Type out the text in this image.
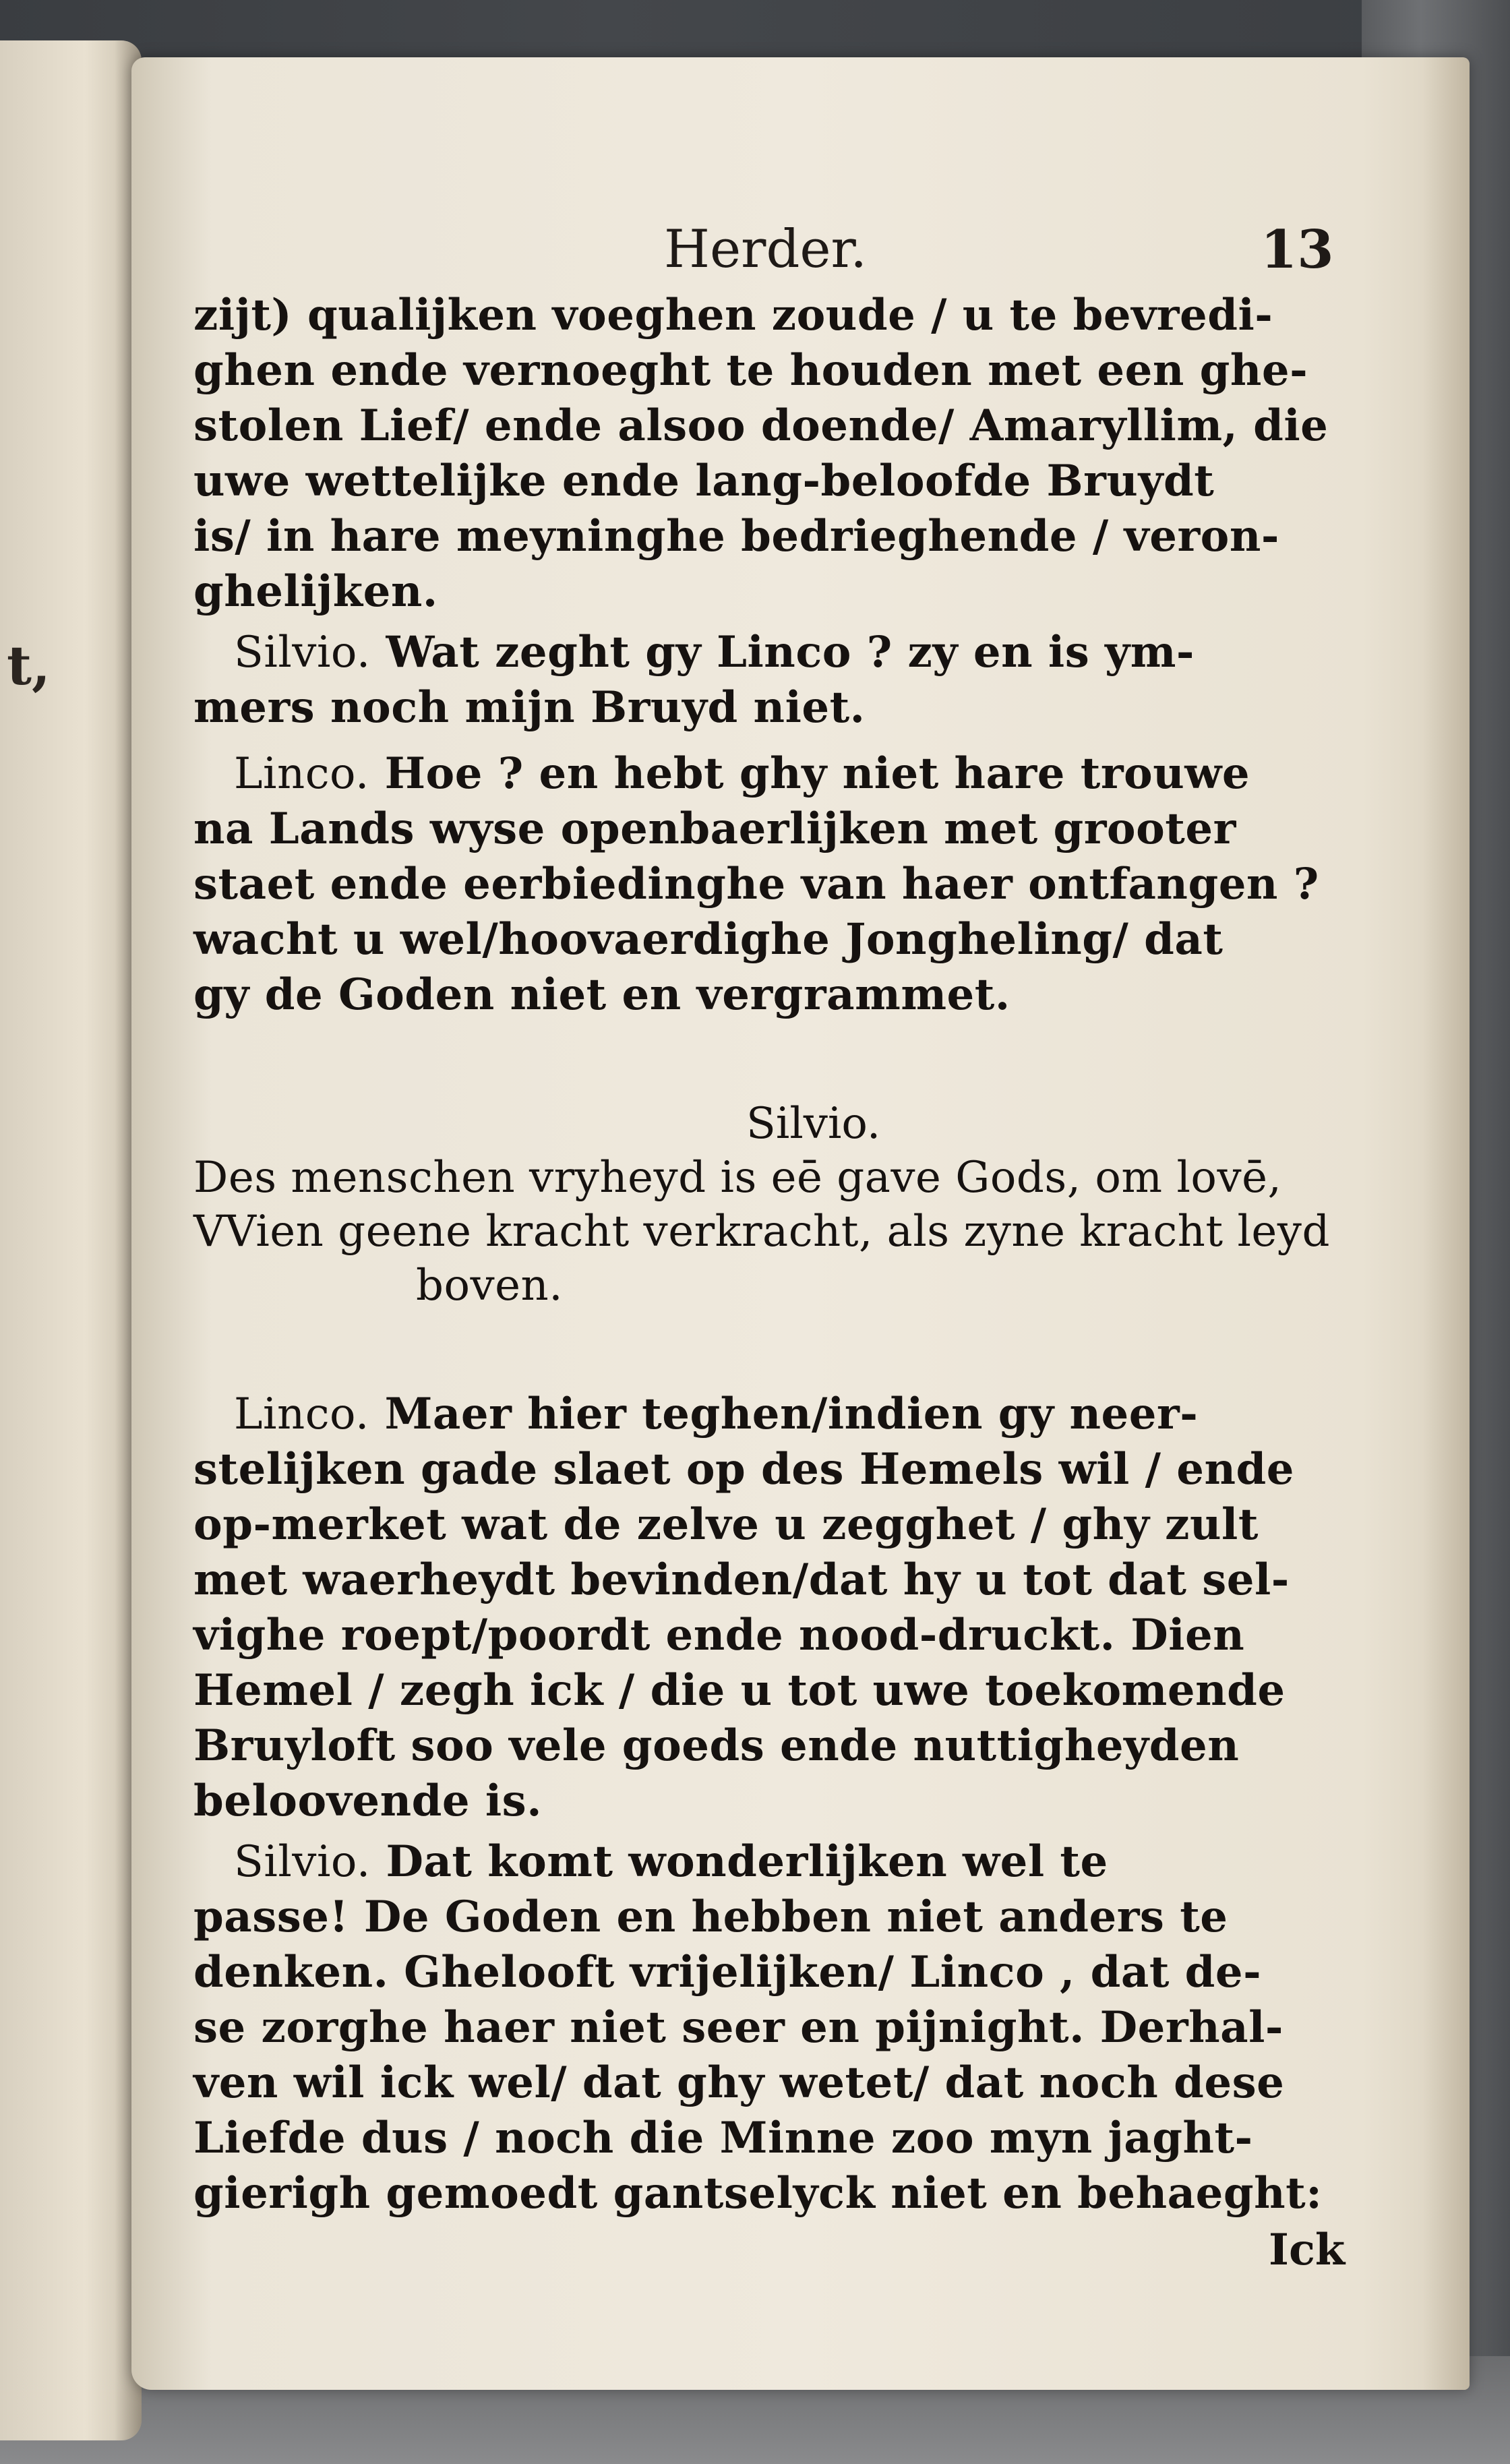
t,
Herder.	13
zijt) qualijken voeghen zoude / u te bevredi-
ghen ende vernoeght te houden met een ghe-
stolen Lief/ ende alsoo doende/ Amaryllim, die
uwe wettelijke ende lang-beloofde Bruydt
is/ in hare meyninghe bedrieghende / veron-
ghelijken.
Silvio. Wat zeght gy Linco ? zy en is ym-
mers noch mijn Bruyd niet.
Linco. Hoe ? en hebt ghy niet hare trouwe
na Lands wyse openbaerlijken met grooter
staet ende eerbiedinghe van haer ontfangen ?
wacht u wel/hoovaerdighe Jongheling/ dat
gy de Goden niet en vergrammet.
Silvio.
Des menschen vryheyd is eē gave Gods, om lovē,
VVien geene kracht verkracht, als zyne kracht leyd
boven.
Linco. Maer hier teghen/indien gy neer-
stelijken gade slaet op des Hemels wil / ende
op-merket wat de zelve u zegghet / ghy zult
met waerheydt bevinden/dat hy u tot dat sel-
vighe roept/poordt ende nood-druckt. Dien
Hemel / zegh ick / die u tot uwe toekomende
Bruyloft soo vele goeds ende nuttigheyden
beloovende is.
Silvio. Dat komt wonderlijken wel te
passe! De Goden en hebben niet anders te
denken. Ghelooft vrijelijken/ Linco , dat de-
se zorghe haer niet seer en pijnight. Derhal-
ven wil ick wel/ dat ghy wetet/ dat noch dese
Liefde dus / noch die Minne zoo myn jaght-
gierigh gemoedt gantselyck niet en behaeght:
Ick
